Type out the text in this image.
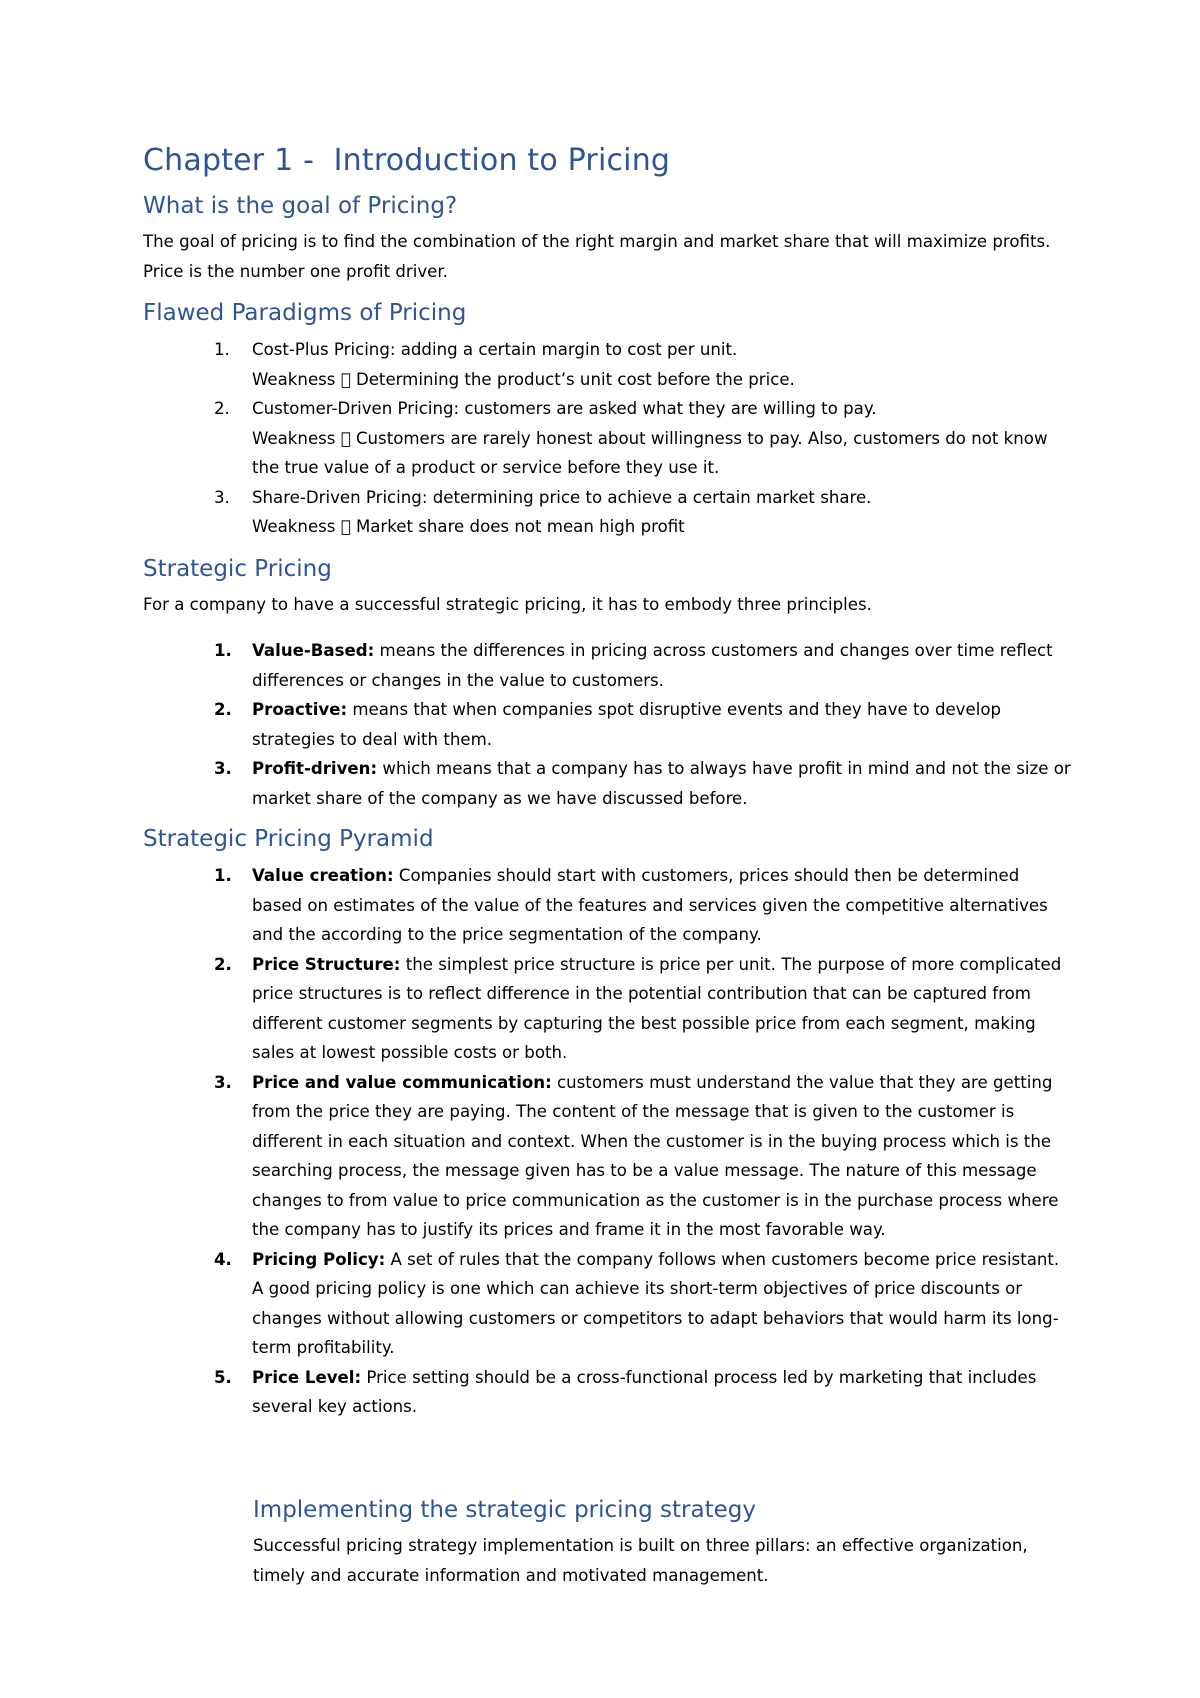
Chapter 1 -  Introduction to Pricing
What is the goal of Pricing?
The goal of pricing is to find the combination of the right margin and market share that will maximize profits. Price is the number one profit driver.
Flawed Paradigms of Pricing
1. Cost-Plus Pricing: adding a certain margin to cost per unit.
Weakness Determining the product’s unit cost before the price.
2. Customer-Driven Pricing: customers are asked what they are willing to pay.
Weakness Customers are rarely honest about willingness to pay. Also, customers do not know the true value of a product or service before they use it.
3. Share-Driven Pricing: determining price to achieve a certain market share.
Weakness Market share does not mean high profit
Strategic Pricing
For a company to have a successful strategic pricing, it has to embody three principles.
1. Value-Based: means the differences in pricing across customers and changes over time reflect differences or changes in the value to customers.
2. Proactive: means that when companies spot disruptive events and they have to develop strategies to deal with them.
3. Profit-driven: which means that a company has to always have profit in mind and not the size or market share of the company as we have discussed before.
Strategic Pricing Pyramid
1. Value creation: Companies should start with customers, prices should then be determined based on estimates of the value of the features and services given the competitive alternatives and the according to the price segmentation of the company.
2. Price Structure: the simplest price structure is price per unit. The purpose of more complicated price structures is to reflect difference in the potential contribution that can be captured from different customer segments by capturing the best possible price from each segment, making sales at lowest possible costs or both.
3. Price and value communication: customers must understand the value that they are getting from the price they are paying. The content of the message that is given to the customer is different in each situation and context. When the customer is in the buying process which is the searching process, the message given has to be a value message. The nature of this message changes to from value to price communication as the customer is in the purchase process where the company has to justify its prices and frame it in the most favorable way.
4. Pricing Policy: A set of rules that the company follows when customers become price resistant. A good pricing policy is one which can achieve its short-term objectives of price discounts or changes without allowing customers or competitors to adapt behaviors that would harm its long-term profitability.
5. Price Level: Price setting should be a cross-functional process led by marketing that includes several key actions.
Implementing the strategic pricing strategy
Successful pricing strategy implementation is built on three pillars: an effective organization, timely and accurate information and motivated management.
